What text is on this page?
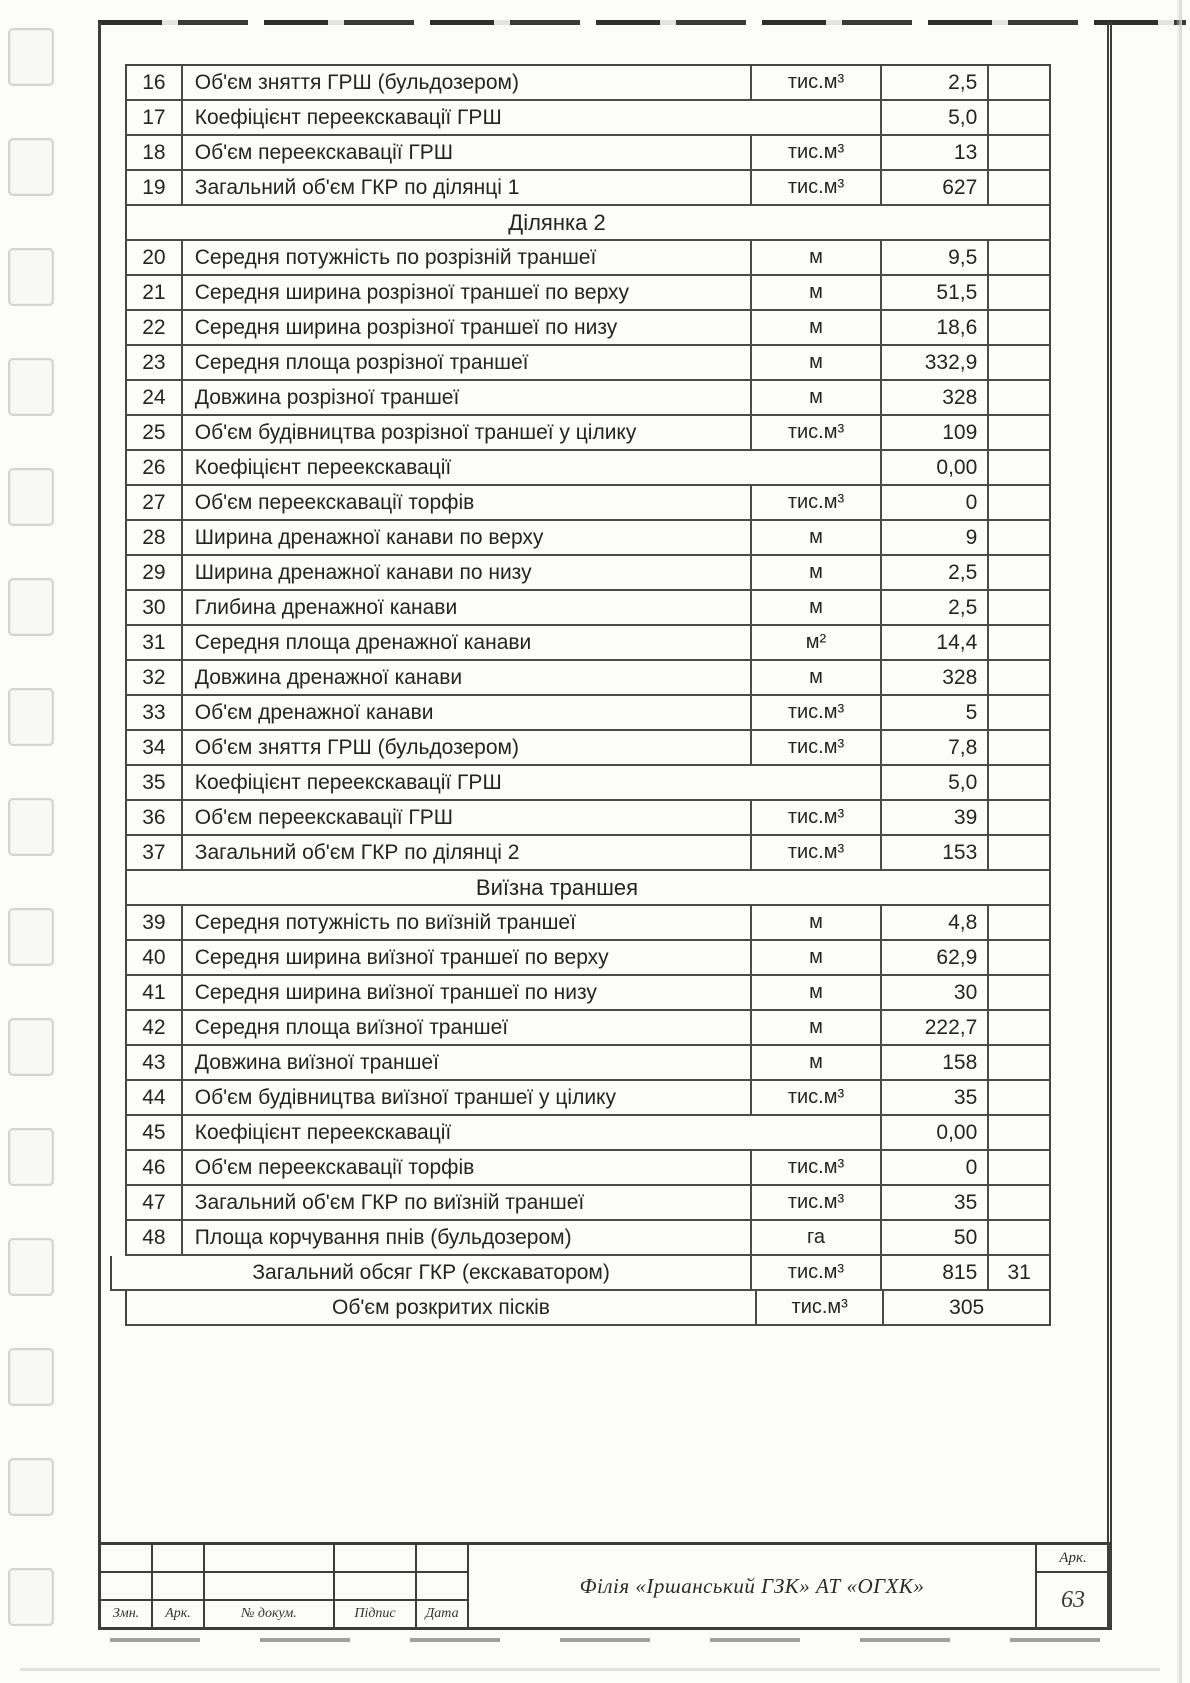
16	Об'єм зняття ГРШ (бульдозером)	тис.м³	2,5
17	Коефіцієнт переекскавації ГРШ	5,0
18	Об'єм переекскавації ГРШ	тис.м³	13
19	Загальний об'єм ГКР по ділянці 1	тис.м³	627
Ділянка 2
20	Середня потужність по розрізній траншеї	м	9,5
21	Середня ширина розрізної траншеї по верху	м	51,5
22	Середня ширина розрізної траншеї по низу	м	18,6
23	Середня площа розрізної траншеї	м	332,9
24	Довжина розрізної траншеї	м	328
25	Об'єм будівництва розрізної траншеї у цілику	тис.м³	109
26	Коефіцієнт переекскавації	0,00
27	Об'єм переекскавації торфів	тис.м³	0
28	Ширина дренажної канави по верху	м	9
29	Ширина дренажної канави по низу	м	2,5
30	Глибина дренажної канави	м	2,5
31	Середня площа дренажної канави	м²	14,4
32	Довжина дренажної канави	м	328
33	Об'єм дренажної канави	тис.м³	5
34	Об'єм зняття ГРШ (бульдозером)	тис.м³	7,8
35	Коефіцієнт переекскавації ГРШ	5,0
36	Об'єм переекскавації ГРШ	тис.м³	39
37	Загальний об'єм ГКР по ділянці 2	тис.м³	153
Виїзна траншея
39	Середня потужність по виїзній траншеї	м	4,8
40	Середня ширина виїзної траншеї по верху	м	62,9
41	Середня ширина виїзної траншеї по низу	м	30
42	Середня площа виїзної траншеї	м	222,7
43	Довжина виїзної траншеї	м	158
44	Об'єм будівництва виїзної траншеї у цілику	тис.м³	35
45	Коефіцієнт переекскавації	0,00
46	Об'єм переекскавації торфів	тис.м³	0
47	Загальний об'єм ГКР по виїзній траншеї	тис.м³	35
48	Площа корчування пнів (бульдозером)	га	50
Загальний обсяг ГКР (екскаватором)	тис.м³	815	31
Об'єм розкритих пісків	тис.м³	305
Змн.	Арк.	№ докум.	Підпис	Дата
Філія «Іршанський ГЗК» АТ «ОГХК»
Арк.
63
